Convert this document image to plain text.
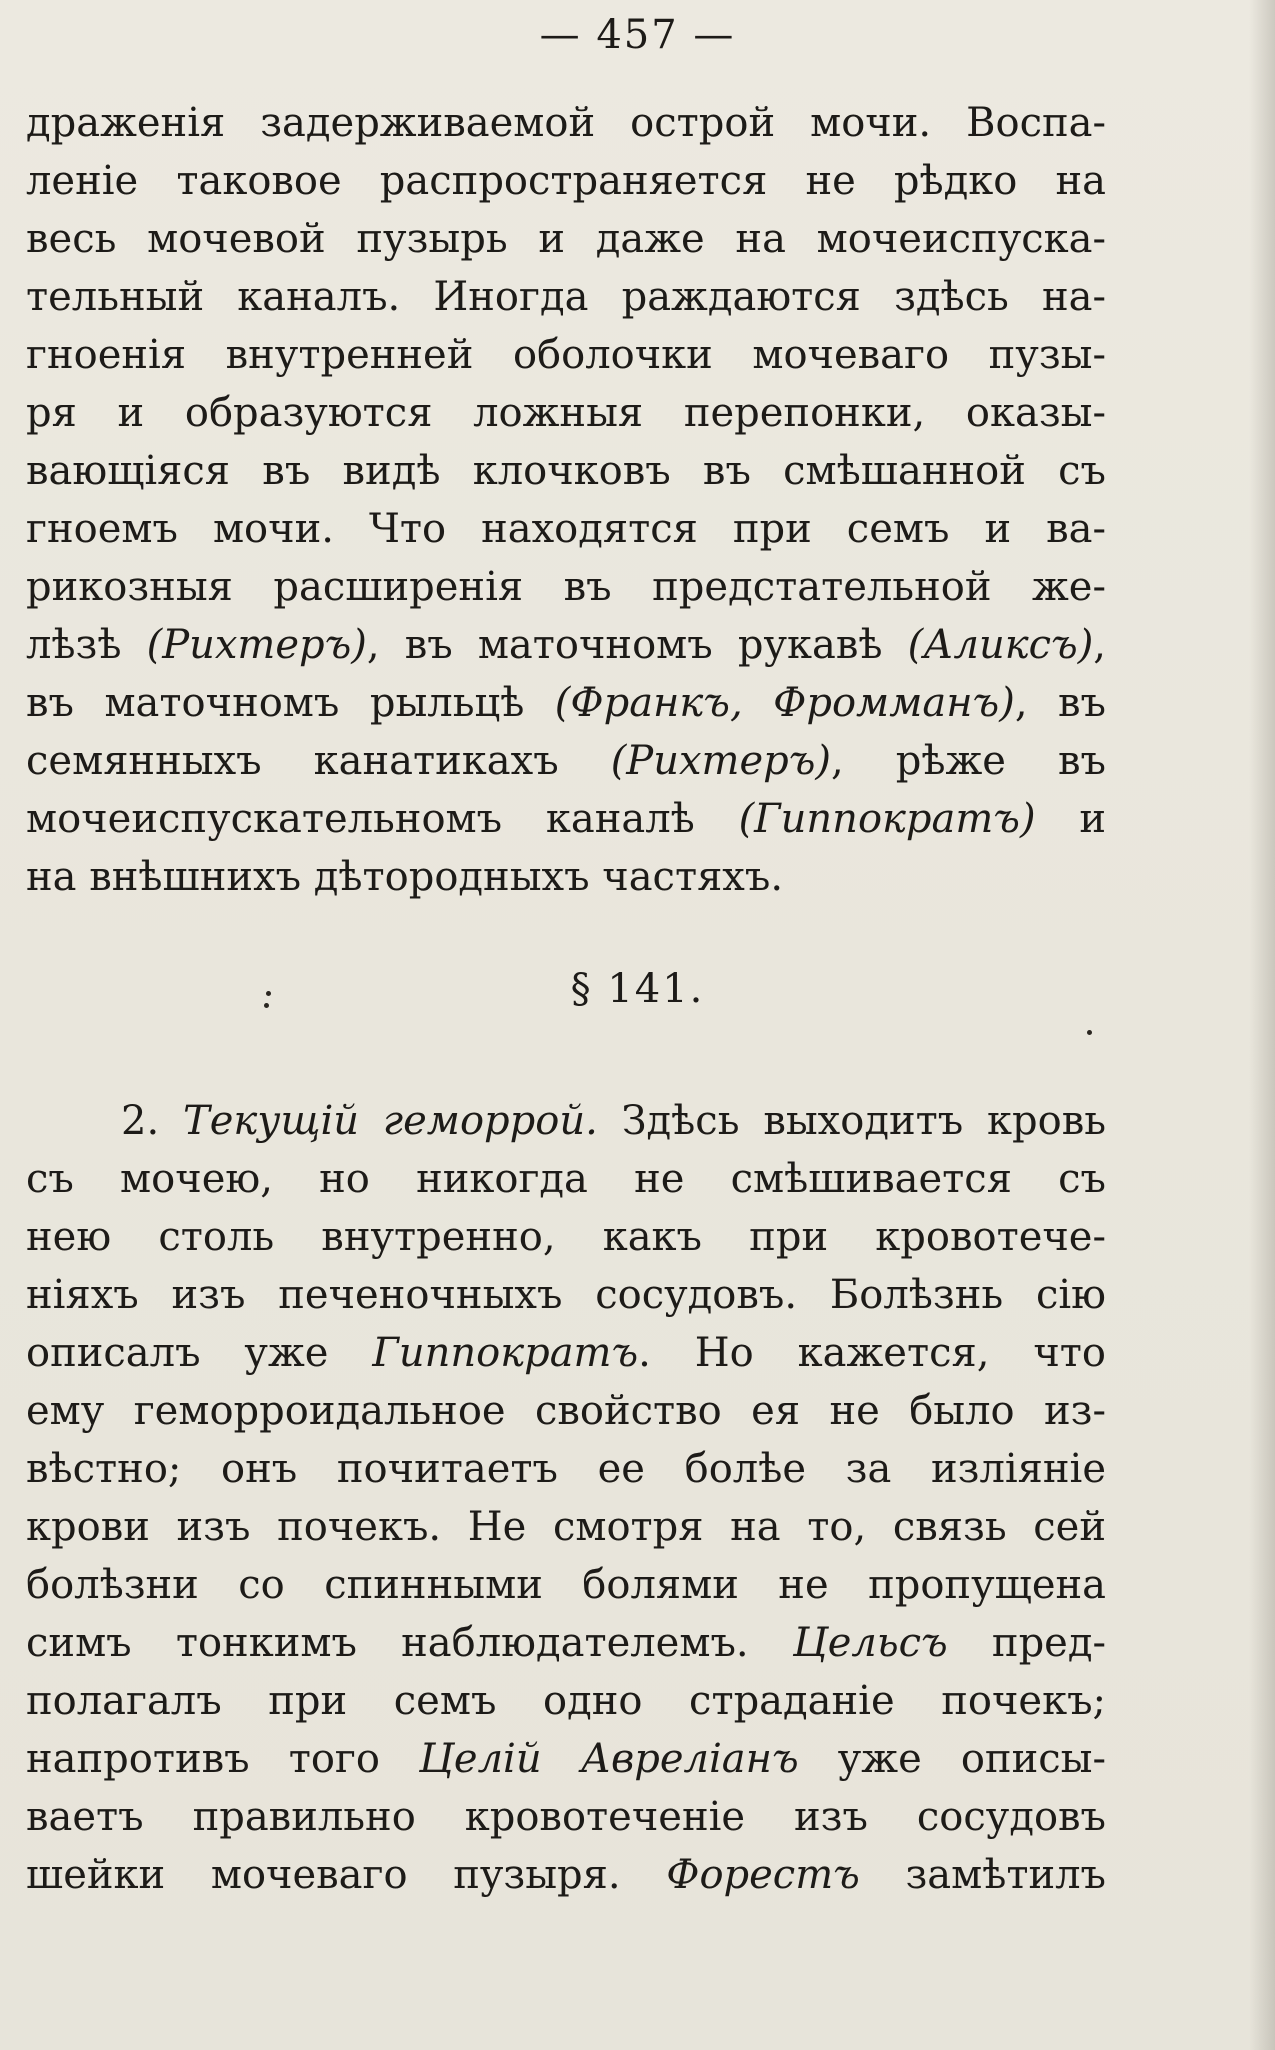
— 457 —
драженія задерживаемой острой мочи. Воспа-
леніе таковое распространяется не рѣдко на
весь мочевой пузырь и даже на мочеиспуска-
тельный каналъ. Иногда раждаются здѣсь на-
гноенія внутренней оболочки мочеваго пузы-
ря и образуются ложныя перепонки, оказы-
вающіяся въ видѣ клочковъ въ смѣшанной съ
гноемъ мочи. Что находятся при семъ и ва-
рикозныя расширенія въ предстательной же-
лѣзѣ (Рихтеръ), въ маточномъ рукавѣ (Аликсъ),
въ маточномъ рыльцѣ (Франкъ, Фромманъ), въ
семянныхъ канатикахъ (Рихтеръ), рѣже въ
мочеиспускательномъ каналѣ (Гиппократъ) и
на внѣшнихъ дѣтородныхъ частяхъ.
§ 141.
2. Текущій геморрой. Здѣсь выходитъ кровь
съ мочею, но никогда не смѣшивается съ
нею столь внутренно, какъ при кровотече-
ніяхъ изъ печеночныхъ сосудовъ. Болѣзнь сію
описалъ уже Гиппократъ. Но кажется, что
ему геморроидальное свойство ея не было из-
вѣстно; онъ почитаетъ ее болѣе за изліяніе
крови изъ почекъ. Не смотря на то, связь сей
болѣзни со спинными болями не пропущена
симъ тонкимъ наблюдателемъ. Цельсъ пред-
полагалъ при семъ одно страданіе почекъ;
напротивъ того Целій Авреліанъ уже описы-
ваетъ правильно кровотеченіе изъ сосудовъ
шейки мочеваго пузыря. Форестъ замѣтилъ
